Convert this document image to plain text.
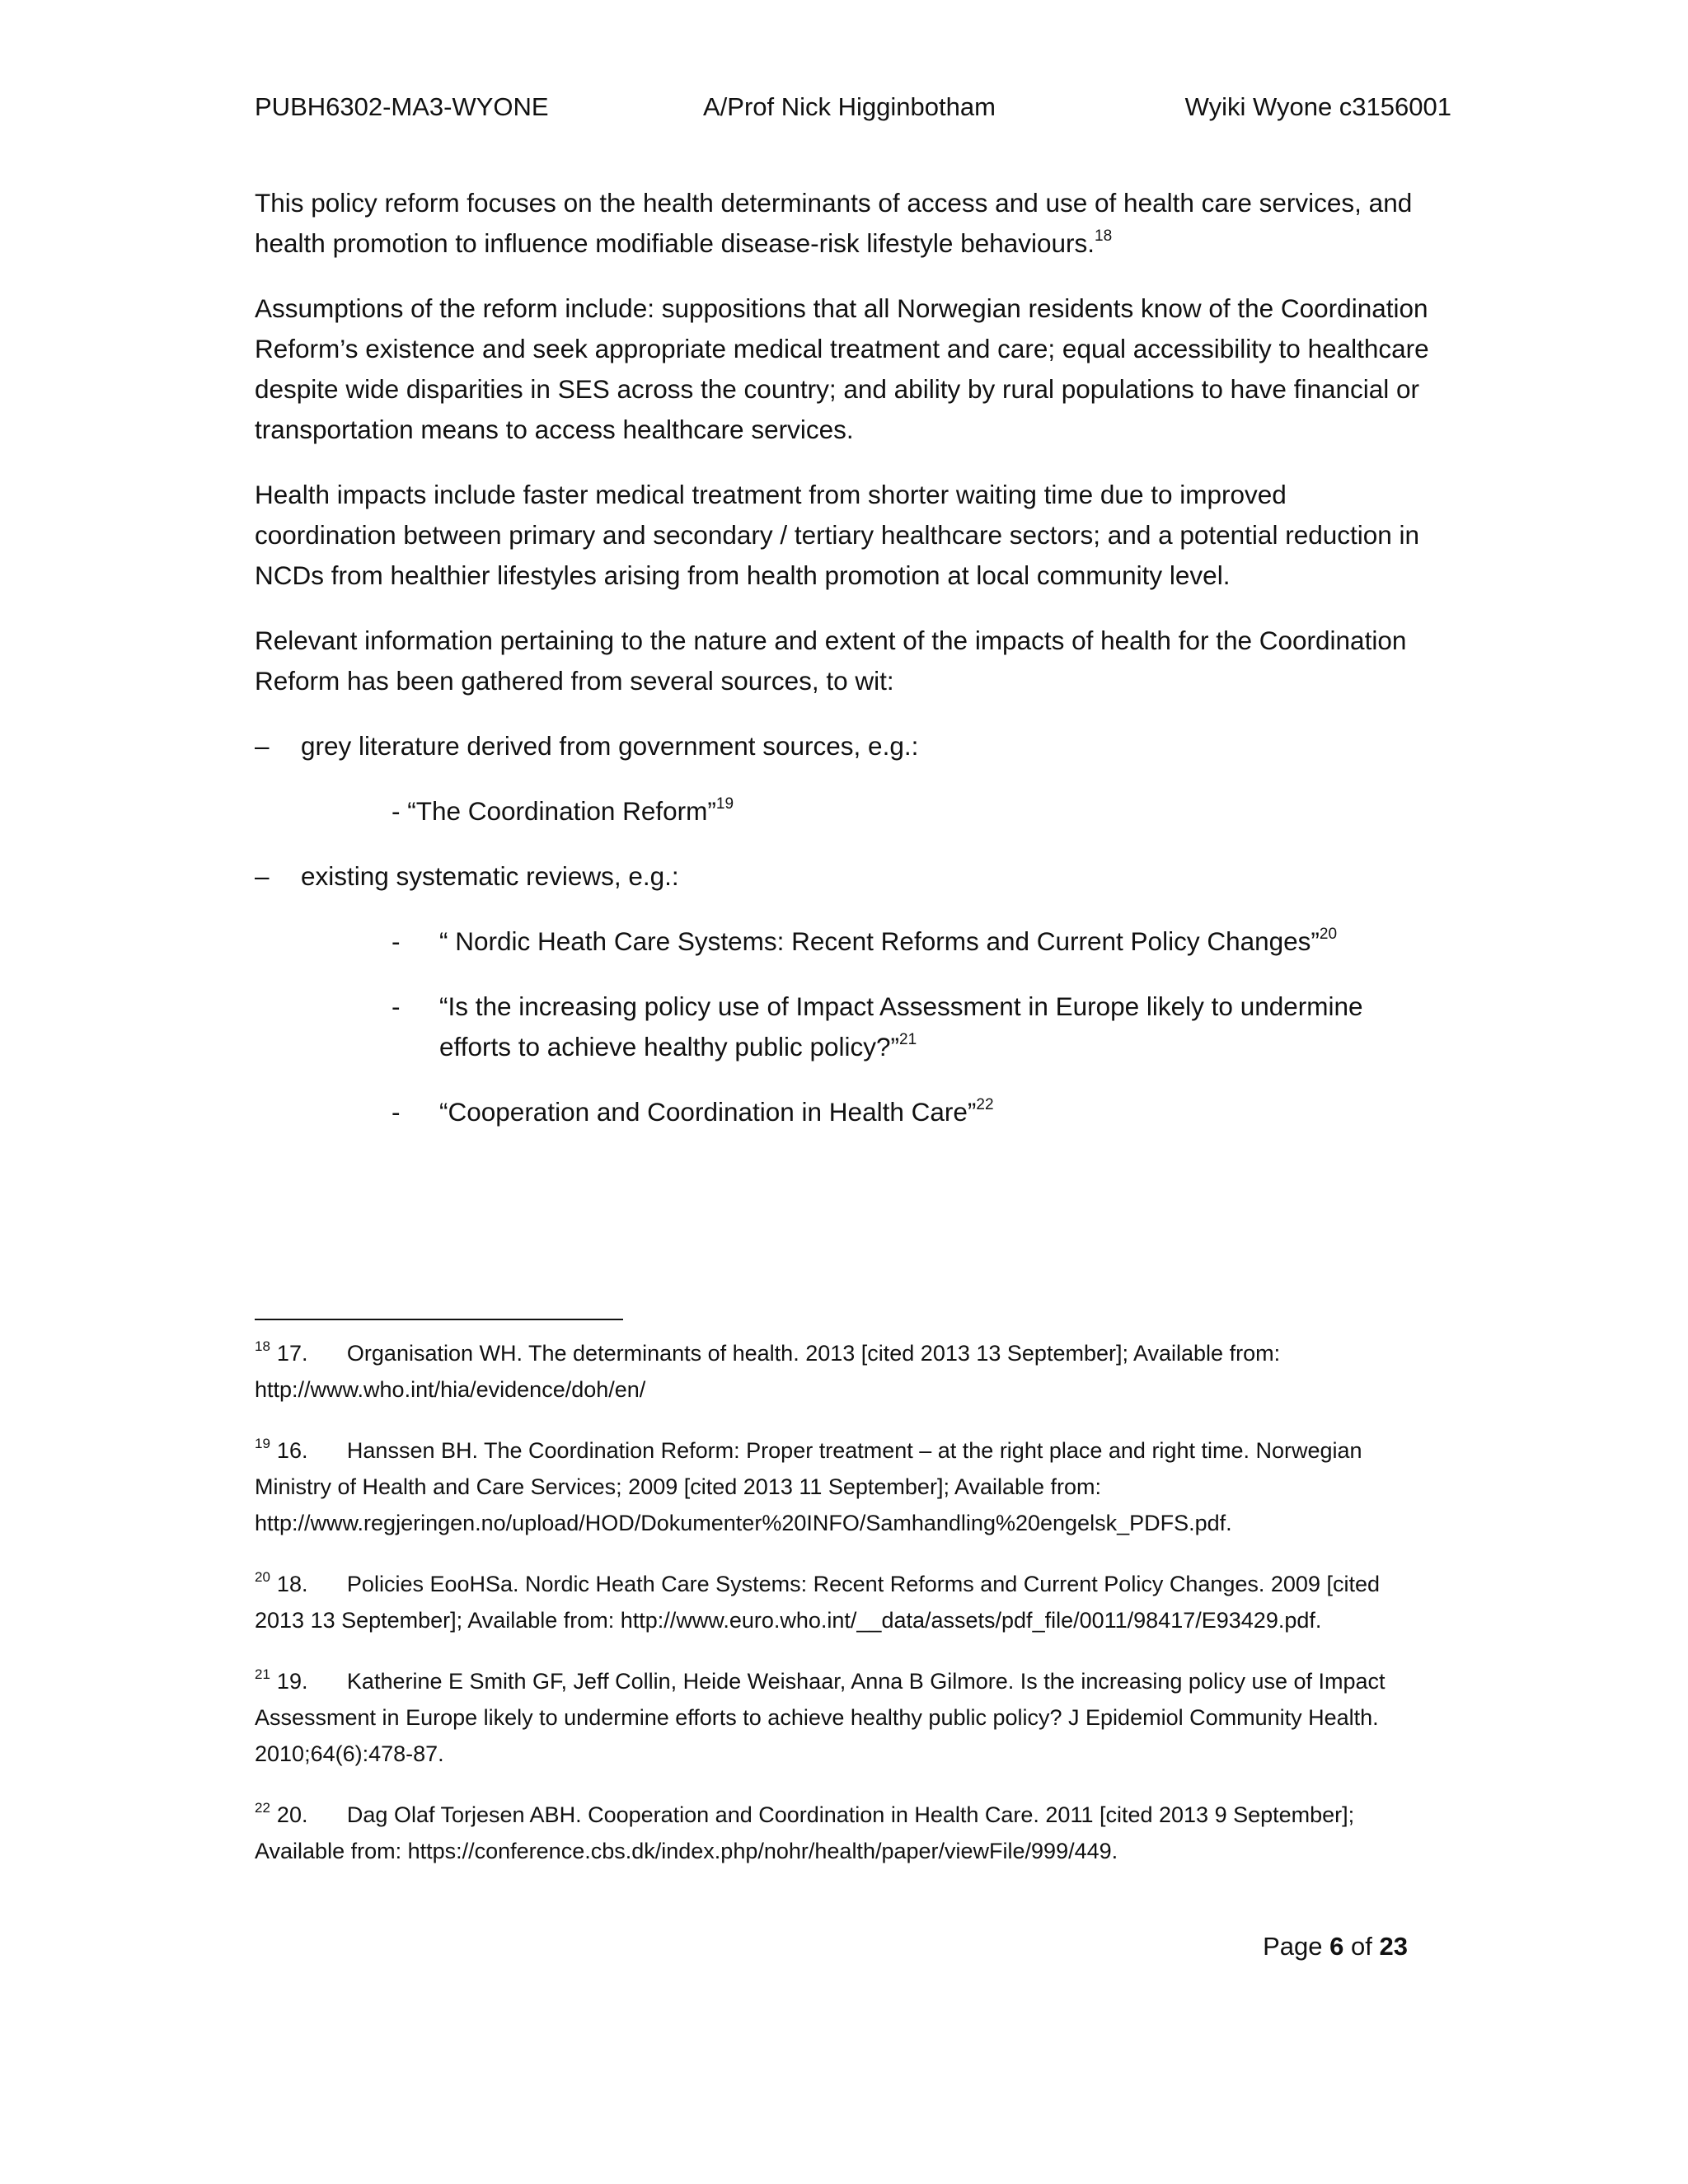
PUBH6302-MA3-WYONE	A/Prof Nick Higginbotham	Wyiki Wyone c3156001

This policy reform focuses on the health determinants of access and use of health care services, and health promotion to influence modifiable disease-risk lifestyle behaviours.$^{18}$

Assumptions of the reform include: suppositions that all Norwegian residents know of the Coordination Reform’s existence and seek appropriate medical treatment and care; equal accessibility to healthcare despite wide disparities in SES across the country; and ability by rural populations to have financial or transportation means to access healthcare services.

Health impacts include faster medical treatment from shorter waiting time due to improved coordination between primary and secondary / tertiary healthcare sectors; and a potential reduction in NCDs from healthier lifestyles arising from health promotion at local community level.

Relevant information pertaining to the nature and extent of the impacts of health for the Coordination Reform has been gathered from several sources, to wit:

– grey literature derived from government sources, e.g.:
- “The Coordination Reform”$^{19}$
– existing systematic reviews, e.g.:
- “ Nordic Heath Care Systems: Recent Reforms and Current Policy Changes”$^{20}$
- “Is the increasing policy use of Impact Assessment in Europe likely to undermine efforts to achieve healthy public policy?”$^{21}$
- “Cooperation and Coordination in Health Care”$^{22}$
$^{18}$ 17. Organisation WH. The determinants of health. 2013 [cited 2013 13 September]; Available from: http://www.who.int/hia/evidence/doh/en/
$^{19}$ 16. Hanssen BH. The Coordination Reform: Proper treatment – at the right place and right time. Norwegian Ministry of Health and Care Services; 2009 [cited 2013 11 September]; Available from: http://www.regjeringen.no/upload/HOD/Dokumenter%20INFO/Samhandling%20engelsk_PDFS.pdf.
$^{20}$ 18. Policies EooHSa. Nordic Heath Care Systems: Recent Reforms and Current Policy Changes. 2009 [cited 2013 13 September]; Available from: http://www.euro.who.int/__data/assets/pdf_file/0011/98417/E93429.pdf.
$^{21}$ 19. Katherine E Smith GF, Jeff Collin, Heide Weishaar, Anna B Gilmore. Is the increasing policy use of Impact Assessment in Europe likely to undermine efforts to achieve healthy public policy? J Epidemiol Community Health. 2010;64(6):478-87.
$^{22}$ 20. Dag Olaf Torjesen ABH. Cooperation and Coordination in Health Care. 2011 [cited 2013 9 September]; Available from: https://conference.cbs.dk/index.php/nohr/health/paper/viewFile/999/449.
Page 6 of 23
